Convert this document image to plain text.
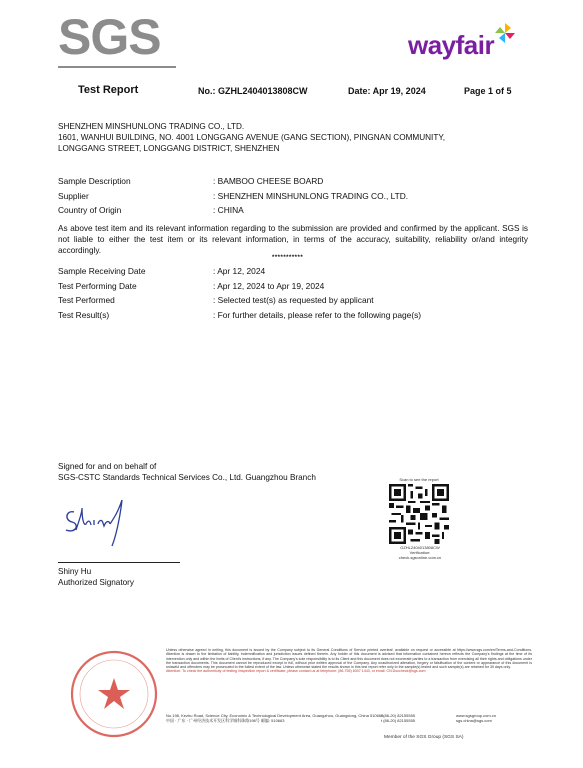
SGS	wayfair
Test Report	No.: GZHL2404013808CW	Date: Apr 19, 2024	Page 1 of 5
SHENZHEN MINSHUNLONG TRADING CO., LTD.
1601, WANHUI BUILDING, NO. 4001 LONGGANG AVENUE (GANG SECTION), PINGNAN COMMUNITY,
LONGGANG STREET, LONGGANG DISTRICT, SHENZHEN
Sample Description	: BAMBOO CHEESE BOARD
Supplier	: SHENZHEN MINSHUNLONG TRADING CO., LTD.
Country of Origin	: CHINA
As above test item and its relevant information regarding to the submission are provided and confirmed by the applicant. SGS is not liable to either the test item or its relevant information, in terms of the accuracy, suitability, reliability or/and integrity accordingly.
***********
Sample Receiving Date	: Apr 12, 2024
Test Performing Date	: Apr 12, 2024 to Apr 19, 2024
Test Performed	: Selected test(s) as requested by applicant
Test Result(s)	: For further details, please refer to the following page(s)
Signed for and on behalf of
SGS-CSTC Standards Technical Services Co., Ltd. Guangzhou Branch
Shiny Hu
Authorized Signatory
Scan to see the report
GZHL2404013808CW
Verification:
check.sgsonline.com.cn
Unless otherwise agreed in writing, this document is issued by the Company subject to its General Conditions of Service printed overleaf, available on request or accessible at https://www.sgs.com/en/Terms-and-Conditions. Attention is drawn to the limitation of liability, indemnification and jurisdiction issues defined therein. Any holder of this document is advised that information contained hereon reflects the Company's findings at the time of its intervention only and within the limits of Client's instructions, if any. The Company's sole responsibility is to its Client and this document does not exonerate parties to a transaction from exercising all their rights and obligations under the transaction documents. This document cannot be reproduced except in full, without prior written approval of the Company. Any unauthorized alteration, forgery or falsification of the content or appearance of this document is unlawful and offenders may be prosecuted to the fullest extent of the law. Unless otherwise stated the results shown in this test report refer only to the sample(s) tested and such sample(s) are retained for 30 days only.
Attention: To check the authenticity of testing /inspection report & certificate, please contact us at telephone: (86-755) 8307 1443, or email: CN.Doccheck@sgs.com
No.198, Kezhu Road, Science City, Economic & Technological Development Area, Guangzhou, Guangdong, China 510663
t (86-20) 82155555	www.sgsgroup.com.cn
中国 · 广东 · 广州经济技术开发区科学城科珠路198号 邮编: 510663	t (86-20) 82155555	sgs.china@sgs.com
Member of the SGS Group (SGS SA)
